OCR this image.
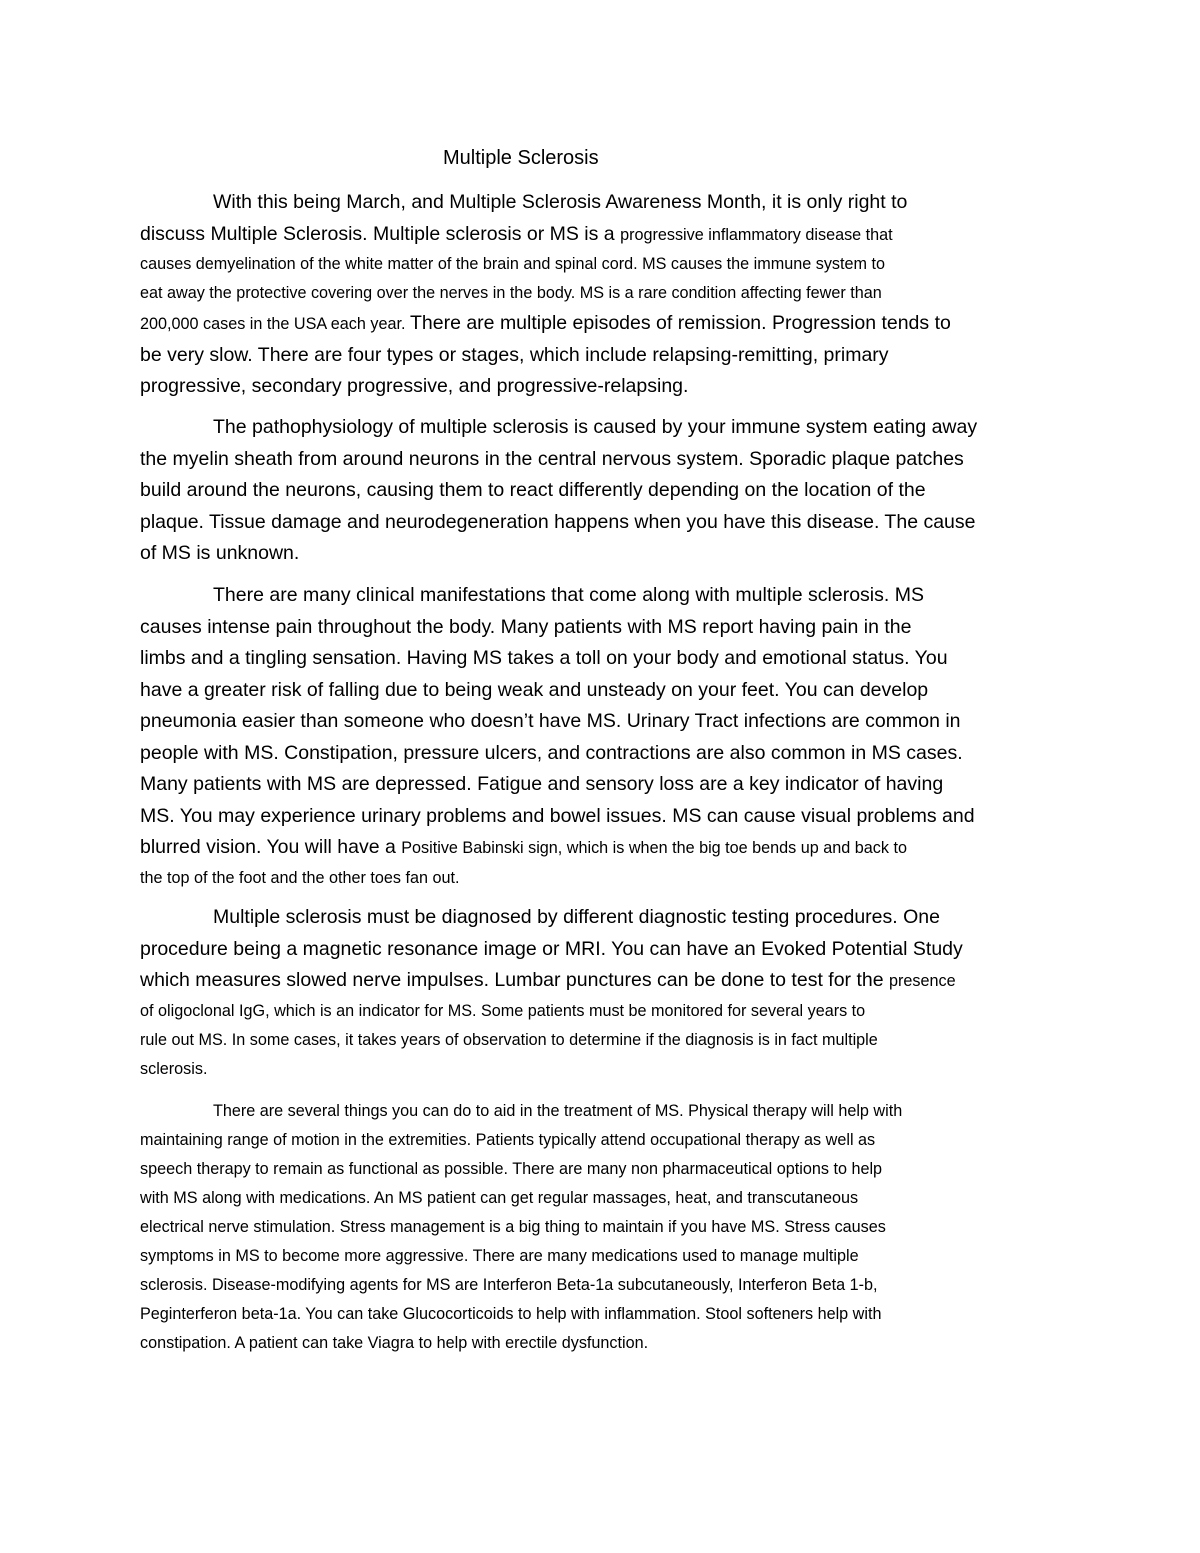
Multiple Sclerosis
With this being March, and Multiple Sclerosis Awareness Month, it is only right to
discuss Multiple Sclerosis. Multiple sclerosis or MS is a progressive inflammatory disease that
causes demyelination of the white matter of the brain and spinal cord. MS causes the immune system to
eat away the protective covering over the nerves in the body. MS is a rare condition affecting fewer than
200,000 cases in the USA each year. There are multiple episodes of remission. Progression tends to
be very slow. There are four types or stages, which include relapsing-remitting, primary
progressive, secondary progressive, and progressive-relapsing.
The pathophysiology of multiple sclerosis is caused by your immune system eating away
the myelin sheath from around neurons in the central nervous system. Sporadic plaque patches
build around the neurons, causing them to react differently depending on the location of the
plaque. Tissue damage and neurodegeneration happens when you have this disease. The cause
of MS is unknown.
There are many clinical manifestations that come along with multiple sclerosis. MS
causes intense pain throughout the body. Many patients with MS report having pain in the
limbs and a tingling sensation. Having MS takes a toll on your body and emotional status. You
have a greater risk of falling due to being weak and unsteady on your feet. You can develop
pneumonia easier than someone who doesn’t have MS. Urinary Tract infections are common in
people with MS. Constipation, pressure ulcers, and contractions are also common in MS cases.
Many patients with MS are depressed. Fatigue and sensory loss are a key indicator of having
MS. You may experience urinary problems and bowel issues. MS can cause visual problems and
blurred vision. You will have a Positive Babinski sign, which is when the big toe bends up and back to
the top of the foot and the other toes fan out.
Multiple sclerosis must be diagnosed by different diagnostic testing procedures. One
procedure being a magnetic resonance image or MRI. You can have an Evoked Potential Study
which measures slowed nerve impulses. Lumbar punctures can be done to test for the presence
of oligoclonal IgG, which is an indicator for MS. Some patients must be monitored for several years to
rule out MS. In some cases, it takes years of observation to determine if the diagnosis is in fact multiple
sclerosis.
There are several things you can do to aid in the treatment of MS. Physical therapy will help with
maintaining range of motion in the extremities. Patients typically attend occupational therapy as well as
speech therapy to remain as functional as possible. There are many non pharmaceutical options to help
with MS along with medications. An MS patient can get regular massages, heat, and transcutaneous
electrical nerve stimulation. Stress management is a big thing to maintain if you have MS. Stress causes
symptoms in MS to become more aggressive. There are many medications used to manage multiple
sclerosis. Disease-modifying agents for MS are Interferon Beta-1a subcutaneously, Interferon Beta 1-b,
Peginterferon beta-1a. You can take Glucocorticoids to help with inflammation. Stool softeners help with
constipation. A patient can take Viagra to help with erectile dysfunction.
